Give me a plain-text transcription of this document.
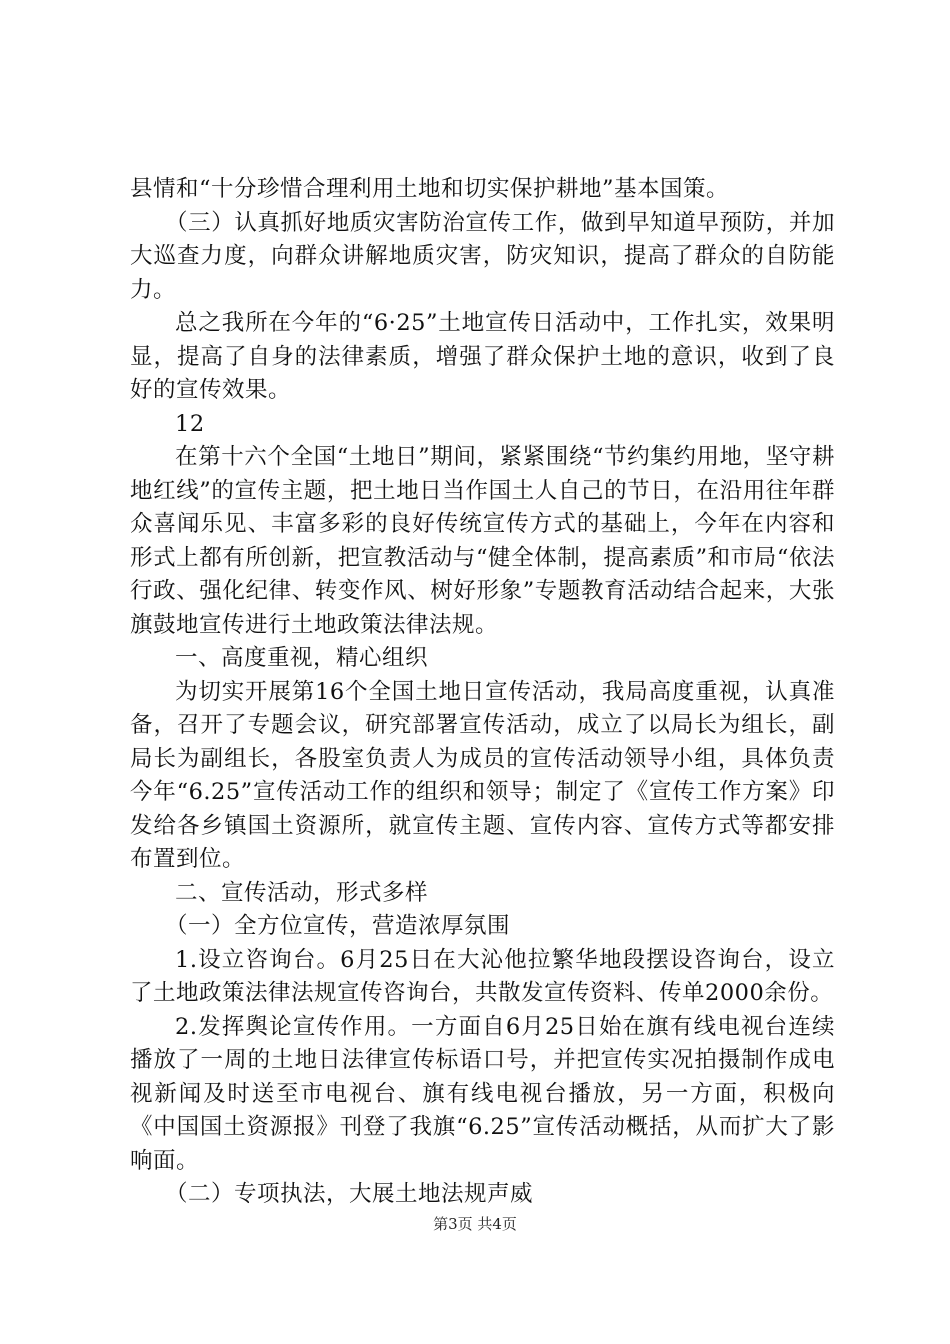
县情和“十分珍惜合理利用土地和切实保护耕地”基本国策。

（三）认真抓好地质灾害防治宣传工作，做到早知道早预防，并加大巡查力度，向群众讲解地质灾害，防灾知识，提高了群众的自防能力。

总之我所在今年的“6·25”土地宣传日活动中，工作扎实，效果明显，提高了自身的法律素质，增强了群众保护土地的意识，收到了良好的宣传效果。

12

在第十六个全国“土地日”期间，紧紧围绕“节约集约用地，坚守耕地红线”的宣传主题，把土地日当作国土人自己的节日，在沿用往年群众喜闻乐见、丰富多彩的良好传统宣传方式的基础上，今年在内容和形式上都有所创新，把宣教活动与“健全体制，提高素质”和市局“依法行政、强化纪律、转变作风、树好形象”专题教育活动结合起来，大张旗鼓地宣传进行土地政策法律法规。

一、高度重视，精心组织

为切实开展第16个全国土地日宣传活动，我局高度重视，认真准备，召开了专题会议，研究部署宣传活动，成立了以局长为组长，副局长为副组长，各股室负责人为成员的宣传活动领导小组，具体负责今年“6.25”宣传活动工作的组织和领导；制定了《宣传工作方案》印发给各乡镇国土资源所，就宣传主题、宣传内容、宣传方式等都安排布置到位。

二、宣传活动，形式多样

（一）全方位宣传，营造浓厚氛围

1.设立咨询台。6月25日在大沁他拉繁华地段摆设咨询台，设立了土地政策法律法规宣传咨询台，共散发宣传资料、传单2000余份。

2.发挥舆论宣传作用。一方面自6月25日始在旗有线电视台连续播放了一周的土地日法律宣传标语口号，并把宣传实况拍摄制作成电视新闻及时送至市电视台、旗有线电视台播放，另一方面，积极向《中国国土资源报》刊登了我旗“6.25”宣传活动概括，从而扩大了影响面。

（二）专项执法，大展土地法规声威

第3页 共4页
